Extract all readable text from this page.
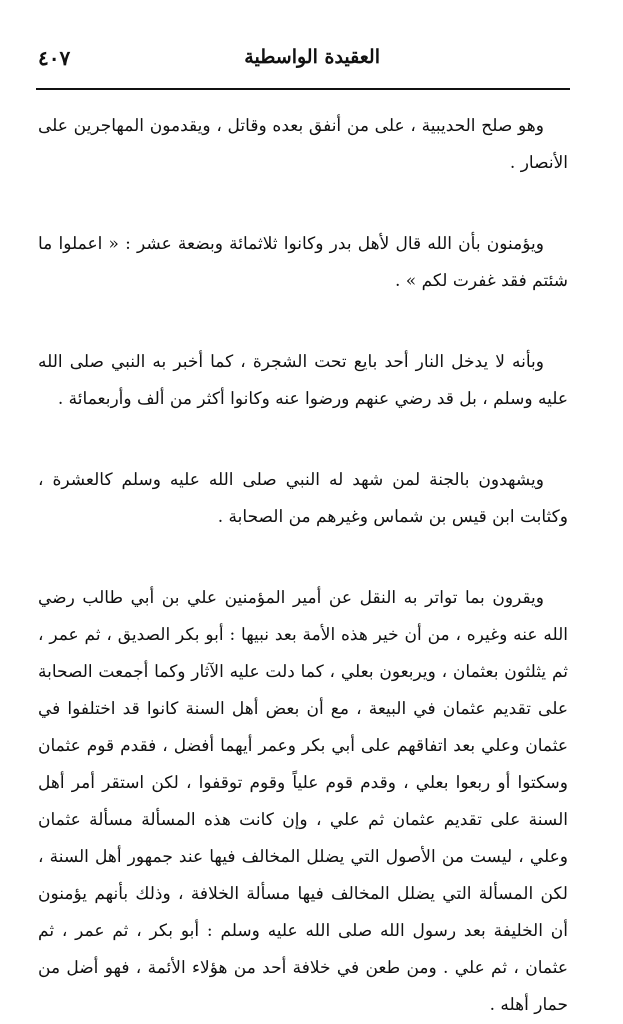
العقيدة الواسطية
٤٠٧

وهو صلح الحديبية ، على من أنفق بعده وقاتل ، ويقدمون المهاجرين على الأنصار .

ويؤمنون بأن الله قال لأهل بدر وكانوا ثلاثمائة وبضعة عشر : « اعملوا ما شئتم فقد غفرت لكم » .

وبأنه لا يدخل النار أحد بايع تحت الشجرة ، كما أخبر به النبي صلى الله عليه وسلم ، بل قد رضي عنهم ورضوا عنه وكانوا أكثر من ألف وأربعمائة .

ويشهدون بالجنة لمن شهد له النبي صلى الله عليه وسلم كالعشرة ، وكثابت ابن قيس بن شماس وغيرهم من الصحابة .

ويقرون بما تواتر به النقل عن أمير المؤمنين علي بن أبي طالب رضي الله عنه وغيره ، من أن خير هذه الأمة بعد نبيها : أبو بكر الصديق ، ثم عمر ، ثم يثلثون بعثمان ، ويربعون بعلي ، كما دلت عليه الآثار وكما أجمعت الصحابة على تقديم عثمان في البيعة ، مع أن بعض أهل السنة كانوا قد اختلفوا في عثمان وعلي بعد اتفاقهم على أبي بكر وعمر أيهما أفضل ، فقدم قوم عثمان وسكتوا أو ربعوا بعلي ، وقدم قوم علياً وقوم توقفوا ، لكن استقر أمر أهل السنة على تقديم عثمان ثم علي ، وإن كانت هذه المسألة مسألة عثمان وعلي ، ليست من الأصول التي يضلل المخالف فيها عند جمهور أهل السنة ، لكن المسألة التي يضلل المخالف فيها مسألة الخلافة ، وذلك بأنهم يؤمنون أن الخليفة بعد رسول الله صلى الله عليه وسلم : أبو بكر ، ثم عمر ، ثم عثمان ، ثم علي . ومن طعن في خلافة أحد من هؤلاء الأئمة ، فهو أضل من حمار أهله .
